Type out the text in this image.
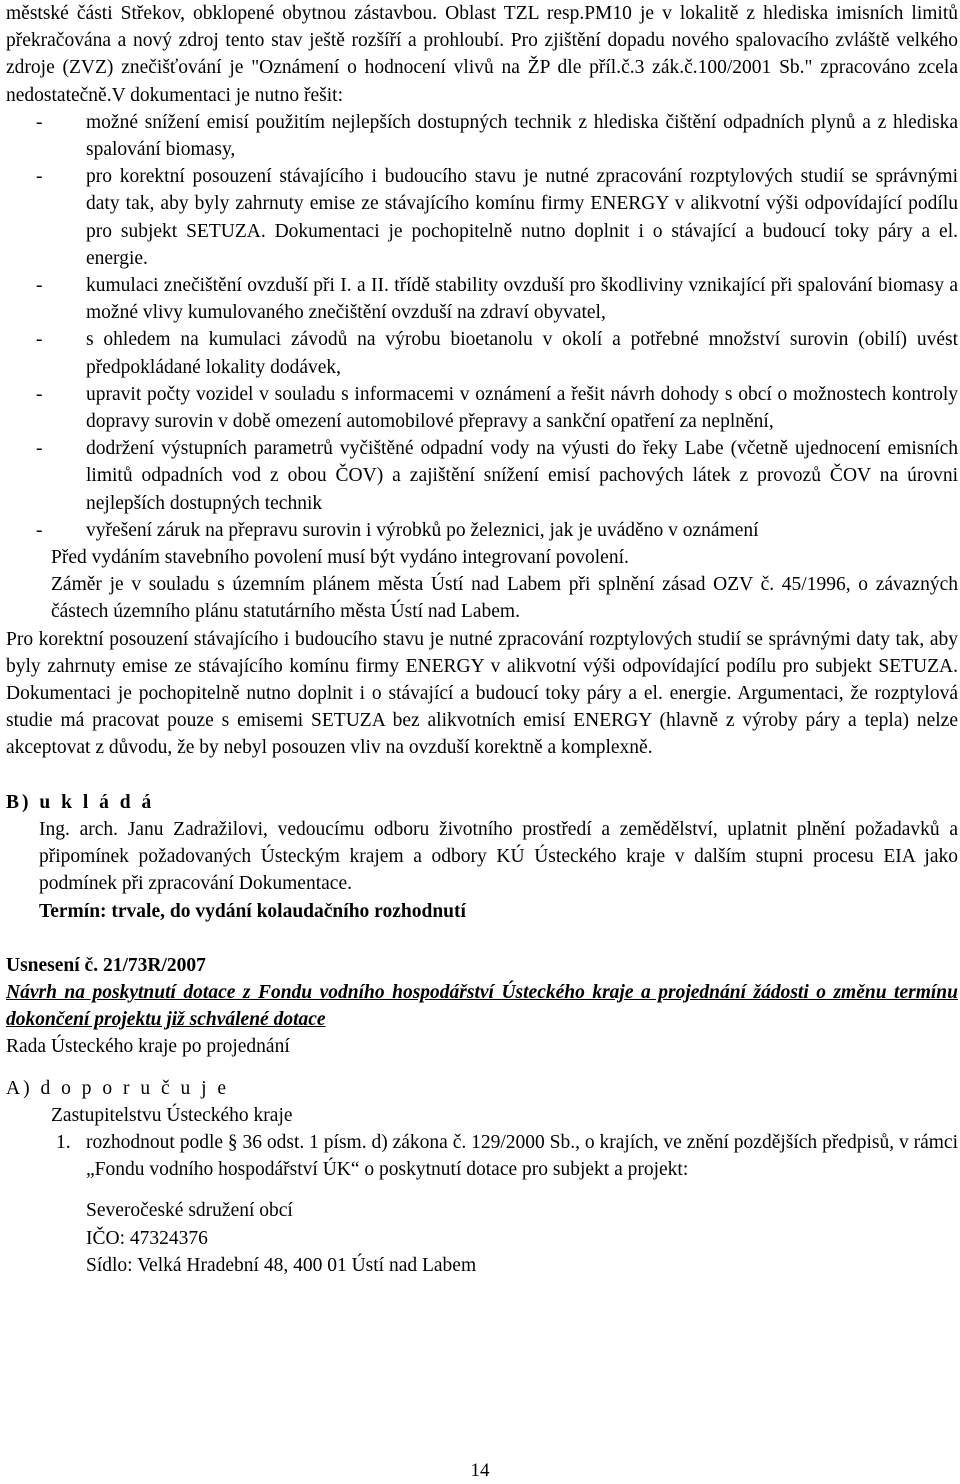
městské části Střekov, obklopené obytnou zástavbou. Oblast TZL resp.PM10 je v lokalitě z hlediska imisních limitů překračována a nový zdroj tento stav ještě rozšíří a prohloubí. Pro zjištění dopadu nového spalovacího zvláště velkého zdroje (ZVZ) znečišťování je "Oznámení o hodnocení vlivů na ŽP dle příl.č.3 zák.č.100/2001 Sb." zpracováno zcela nedostatečně.V dokumentaci je nutno řešit:

- možné snížení emisí použitím nejlepších dostupných technik z hlediska čištění odpadních plynů a z hlediska spalování biomasy,
- pro korektní posouzení stávajícího i budoucího stavu je nutné zpracování rozptylových studií se správnými daty tak, aby byly zahrnuty emise ze stávajícího komínu firmy ENERGY v alikvotní výši odpovídající podílu pro subjekt SETUZA. Dokumentaci je pochopitelně nutno doplnit i o stávající a budoucí toky páry a el. energie.
- kumulaci znečištění ovzduší při I. a II. třídě stability ovzduší pro škodliviny vznikající při spalování biomasy a možné vlivy kumulovaného znečištění ovzduší na zdraví obyvatel,
- s ohledem na kumulaci závodů na výrobu bioetanolu v okolí a potřebné množství surovin (obilí) uvést předpokládané lokality dodávek,
- upravit počty vozidel v souladu s informacemi v oznámení a řešit návrh dohody s obcí o možnostech kontroly dopravy surovin v době omezení automobilové přepravy a sankční opatření za neplnění,
- dodržení výstupních parametrů vyčištěné odpadní vody na výusti do řeky Labe (včetně ujednocení emisních limitů odpadních vod z obou ČOV) a zajištění snížení emisí pachových látek z provozů ČOV na úrovni nejlepších dostupných technik
- vyřešení záruk na přepravu surovin i výrobků po železnici, jak je uváděno v oznámení

Před vydáním stavebního povolení musí být vydáno integrovaní povolení.

Záměr je v souladu s územním plánem města Ústí nad Labem při splnění zásad OZV č. 45/1996, o závazných částech územního plánu statutárního města Ústí nad Labem.

Pro korektní posouzení stávajícího i budoucího stavu je nutné zpracování rozptylových studií se správnými daty tak, aby byly zahrnuty emise ze stávajícího komínu firmy ENERGY v alikvotní výši odpovídající podílu pro subjekt SETUZA. Dokumentaci je pochopitelně nutno doplnit i o stávající a budoucí toky páry a el. energie. Argumentaci, že rozptylová studie má pracovat pouze s emisemi SETUZA bez alikvotních emisí ENERGY (hlavně z výroby páry a tepla) nelze akceptovat z důvodu, že by nebyl posouzen vliv na ovzduší korektně a komplexně.

B) u k l á d á

Ing. arch. Janu Zadražilovi, vedoucímu odboru životního prostředí a zemědělství, uplatnit plnění požadavků a připomínek požadovaných Ústeckým krajem a odbory KÚ Ústeckého kraje v dalším stupni procesu EIA jako podmínek při zpracování Dokumentace.

Termín: trvale, do vydání kolaudačního rozhodnutí

Usnesení č. 21/73R/2007

Návrh na poskytnutí dotace z Fondu vodního hospodářství Ústeckého kraje a projednání žádosti o změnu termínu dokončení projektu již schválené dotace

Rada Ústeckého kraje po projednání

A) d o p o r u č u j e

Zastupitelstvu Ústeckého kraje

1. rozhodnout podle § 36 odst. 1 písm. d) zákona č. 129/2000 Sb., o krajích, ve znění pozdějších předpisů, v rámci „Fondu vodního hospodářství ÚK“ o poskytnutí dotace pro subjekt a projekt:

Severočeské sdružení obcí

IČO: 47324376

Sídlo: Velká Hradební 48, 400 01 Ústí nad Labem

14
